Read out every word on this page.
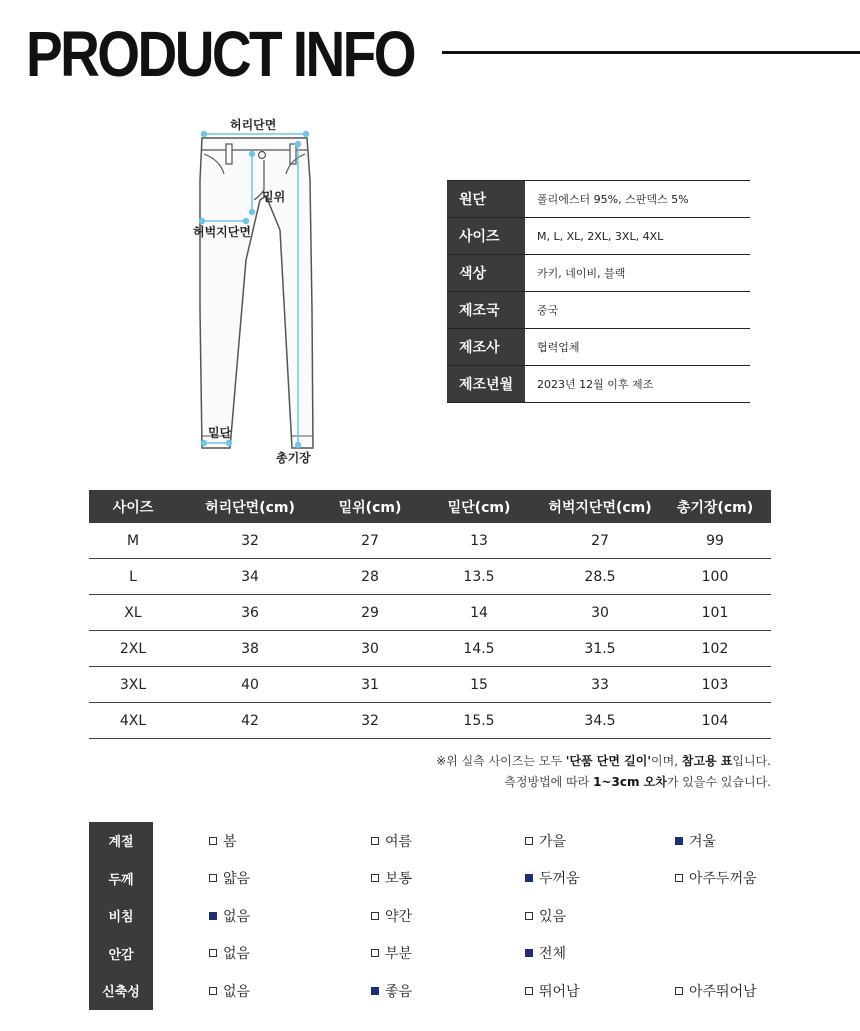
PRODUCT INFO
허리단면
밑위
허벅지단면
밑단
총기장
원단	폴리에스터 95%, 스판덱스 5%
사이즈	M, L, XL, 2XL, 3XL, 4XL
색상	카키, 네이비, 블랙
제조국	중국
제조사	협력업체
제조년월	2023년 12월 이후 제조
사이즈	허리단면(cm)	밑위(cm)	밑단(cm)	허벅지단면(cm)	총기장(cm)
M	32	27	13	27	99
L	34	28	13.5	28.5	100
XL	36	29	14	30	101
2XL	38	30	14.5	31.5	102
3XL	40	31	15	33	103
4XL	42	32	15.5	34.5	104
※위 실측 사이즈는 모두 '단품 단면 길이'이며, 참고용 표입니다.
측정방법에 따라 1~3cm 오차가 있을수 있습니다.
계절	봄	여름	가을	겨울
두께	얇음	보통	두꺼움	아주두꺼움
비침	없음	약간	있음
안감	없음	부분	전체
신축성	없음	좋음	뛰어남	아주뛰어남
